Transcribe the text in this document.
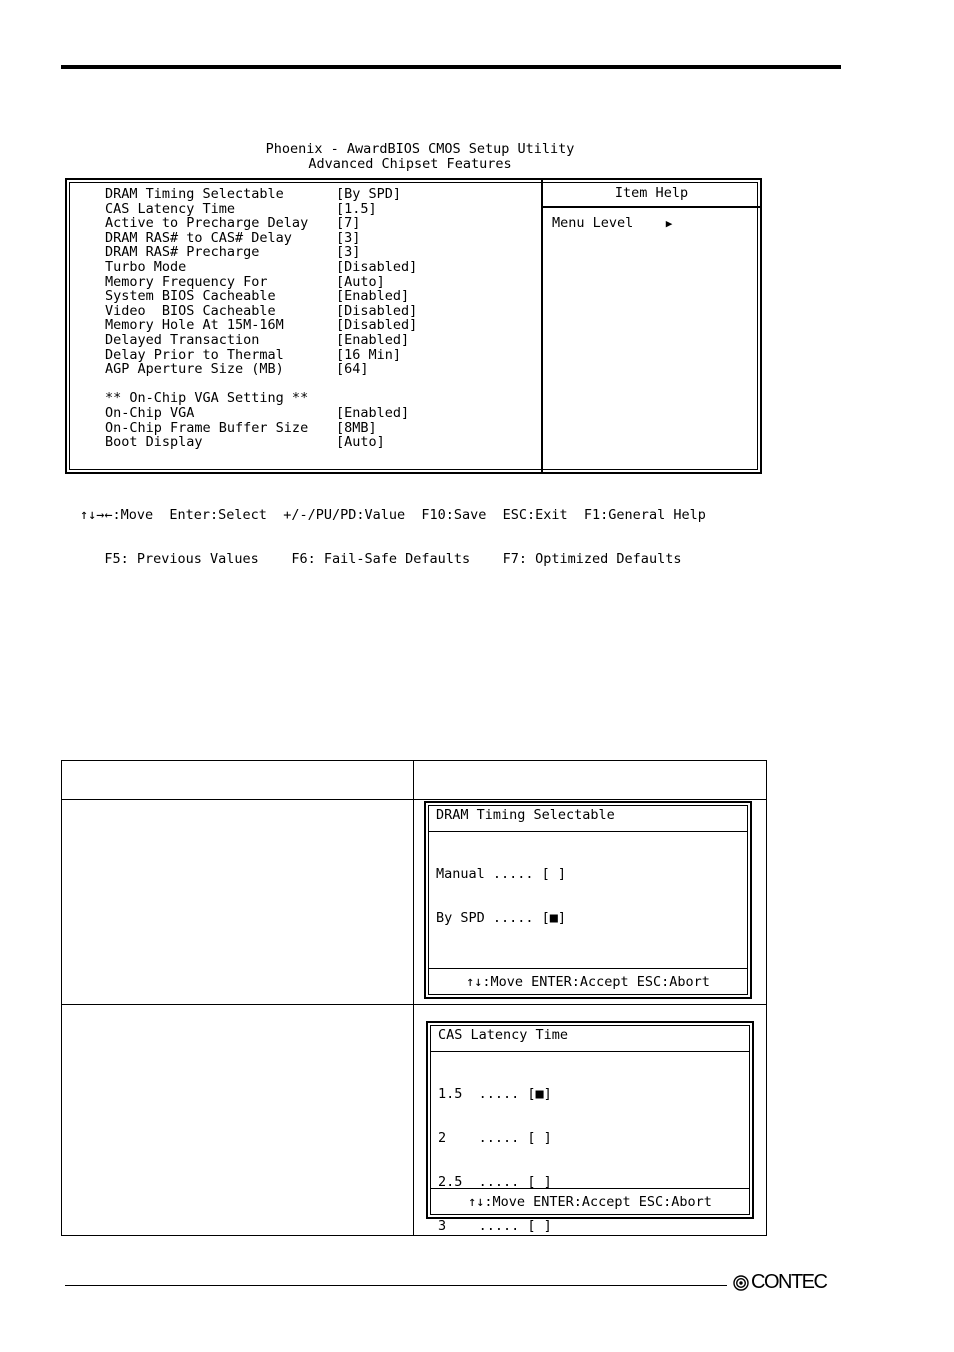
Phoenix - AwardBIOS CMOS Setup Utility
Advanced Chipset Features
DRAM Timing Selectable	[By SPD]
CAS Latency Time	[1.5]
Active to Precharge Delay	[7]
DRAM RAS# to CAS# Delay	[3]
DRAM RAS# Precharge	[3]
Turbo Mode	[Disabled]
Memory Frequency For	[Auto]
System BIOS Cacheable	[Enabled]
Video  BIOS Cacheable	[Disabled]
Memory Hole At 15M-16M	[Disabled]
Delayed Transaction	[Enabled]
Delay Prior to Thermal	[16 Min]
AGP Aperture Size (MB)	[64]
** On-Chip VGA Setting **
On-Chip VGA	[Enabled]
On-Chip Frame Buffer Size	[8MB]
Boot Display	[Auto]
Item Help
Menu Level	▶

↑↓→←:Move  Enter:Select  +/-/PU/PD:Value  F10:Save  ESC:Exit  F1:General Help

F5: Previous Values    F6: Fail-Safe Defaults    F7: Optimized Defaults

DRAM Timing Selectable

Manual ..... [ ]

By SPD ..... [■]

↑↓:Move ENTER:Accept ESC:Abort
CAS Latency Time

1.5  ..... [■]

2    ..... [ ]

2.5  ..... [ ]

3    ..... [ ]

↑↓:Move ENTER:Accept ESC:Abort
CONTEC
